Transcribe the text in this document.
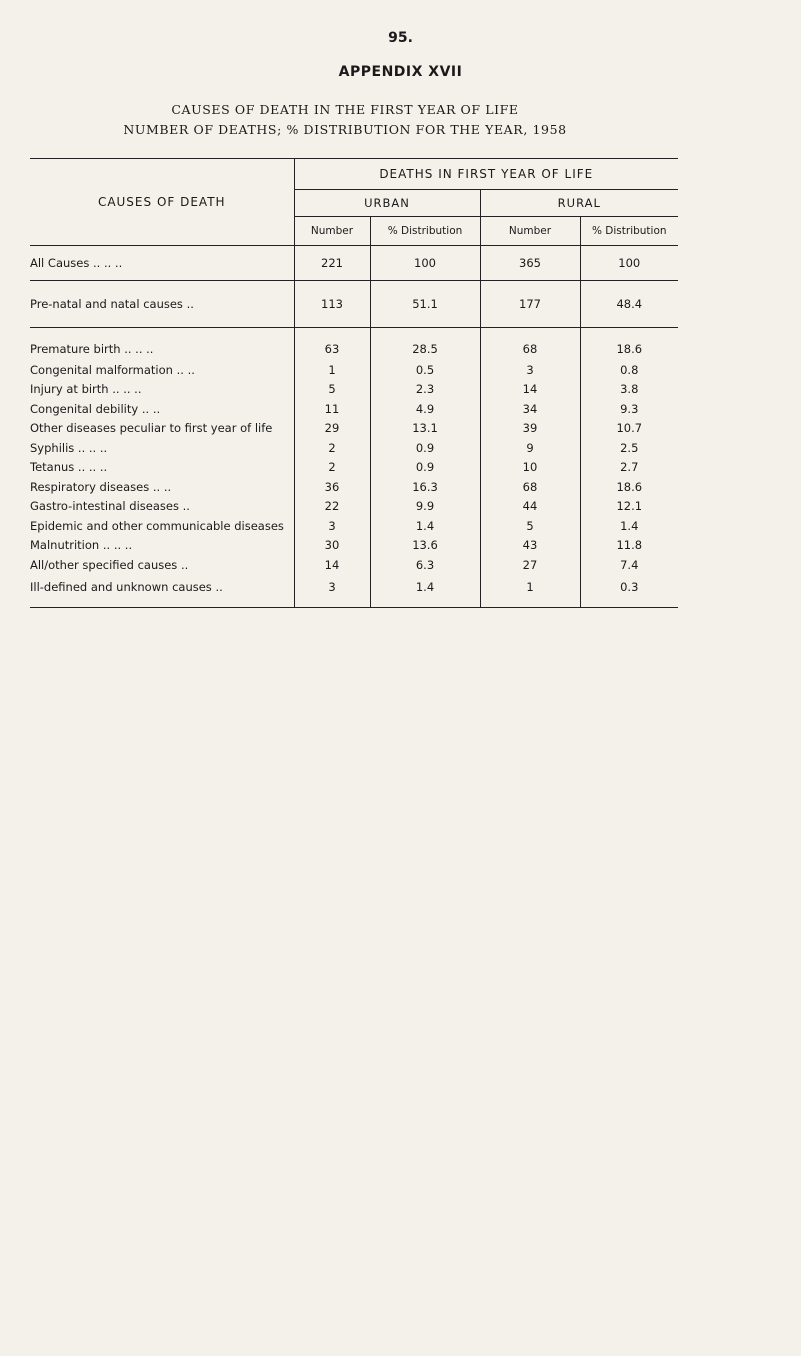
95.
APPENDIX XVII
CAUSES OF DEATH IN THE FIRST YEAR OF LIFE
NUMBER OF DEATHS; % DISTRIBUTION FOR THE YEAR, 1958
CAUSES OF DEATH	DEATHS IN FIRST YEAR OF LIFE			
	URBAN		RURAL	
	Number	% Distribution	Number	% Distribution
All Causes .. .. ..	221	100	365	100
Pre-natal and natal causes ..	113	51.1	177	48.4
Premature birth .. .. ..	63	28.5	68	18.6
Congenital malformation .. ..	1	0.5	3	0.8
Injury at birth .. .. ..	5	2.3	14	3.8
Congenital debility .. ..	11	4.9	34	9.3
Other diseases peculiar to first year of life	29	13.1	39	10.7
Syphilis .. .. ..	2	0.9	9	2.5
Tetanus .. .. ..	2	0.9	10	2.7
Respiratory diseases .. ..	36	16.3	68	18.6
Gastro-intestinal diseases ..	22	9.9	44	12.1
Epidemic and other communicable diseases	3	1.4	5	1.4
Malnutrition .. .. ..	30	13.6	43	11.8
All/other specified causes ..	14	6.3	27	7.4
Ill-defined and unknown causes ..	3	1.4	1	0.3
